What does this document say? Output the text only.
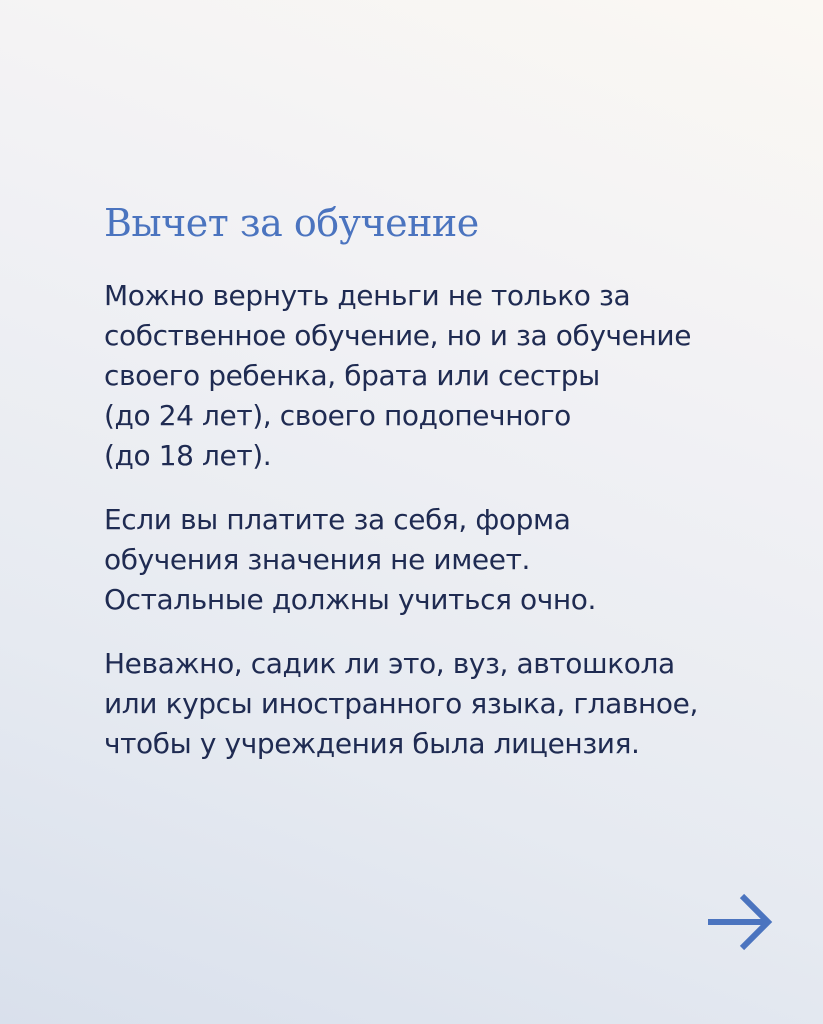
Вычет за обучение

Можно вернуть деньги не только за
собственное обучение, но и за обучение
своего ребенка, брата или сестры
(до 24 лет), своего подопечного
(до 18 лет).

Если вы платите за себя, форма
обучения значения не имеет.
Остальные должны учиться очно.

Неважно, садик ли это, вуз, автошкола
или курсы иностранного языка, главное,
чтобы у учреждения была лицензия.
